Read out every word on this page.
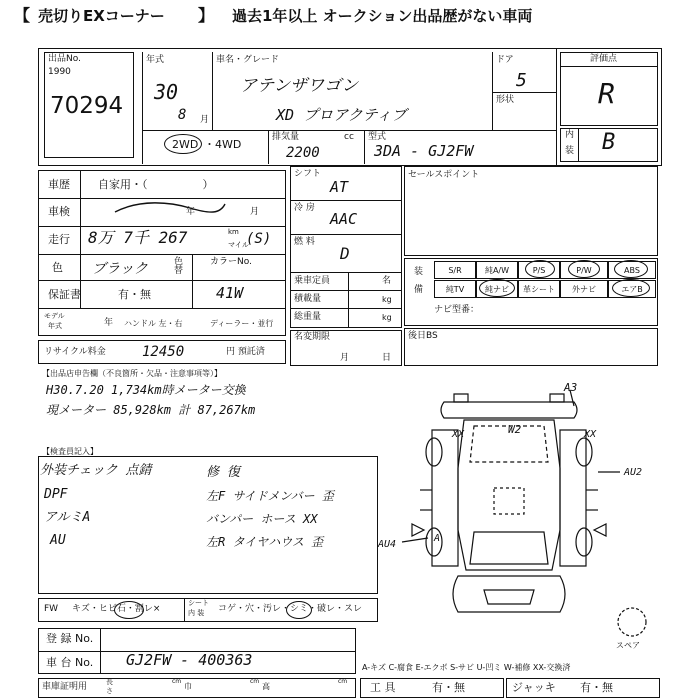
【 売切りEXコーナー 】 過去1年以上 オークション出品歴がない車両
出品No.
1990
70294
年式
30
8 月
車名・グレード
アテンザワゴン
XD プロアクティブ
ドア
5
形状
評価点
R
内
装 B
2WD ・4WD
排気量	cc
2200
型式
3DA - GJ2FW
車歴	自家用・（　　　　　）
車検	年	月
走行 8万 7千 267	km
マイル
(S)
色 ブラック	色替
カラーNo.
41W
保証書	有・無
モデル
年式	年 ハンドル 左・右	ディーラー・並行
リサイクル料金	12450	円 預託済
シフト
AT
冷 房
AAC
燃 料
D
乗車定員	名
積載量	kg
総重量	kg
名変期限
月	日
セールスポイント
装
備
S/R	純A/W	P/S	P/W	ABS
純TV	純ナビ	革シート	外ナビ	エアB
ナビ型番：
後日BS
【出品店申告欄（不良箇所・欠品・注意事項等）】
H30.7.20 1,734km時メーター交換
現メーター 85,928km 計 87,267km
【検査員記入】
外装チェック 点錆
DPF
アルミA
AU
修 復
左F サイドメンバー 歪
バンパー ホース XX
左R タイヤハウス 歪
FW キズ・ヒビ石・割レ×
シート
内 装 コゲ・穴・汚レ・シミ・破レ・スレ
登 録 No.
車 台 No. GJ2FW - 400363	A-キズ C-腐食 E-エクボ S-サビ U-凹ミ W-補修 XX-交換済
車庫証明用	長
さ
cm
巾
cm
高
cm 工 具	有・無	ジャッキ 有・無
A3
W2
XX	XX
AU2
AU4
A
スペア
